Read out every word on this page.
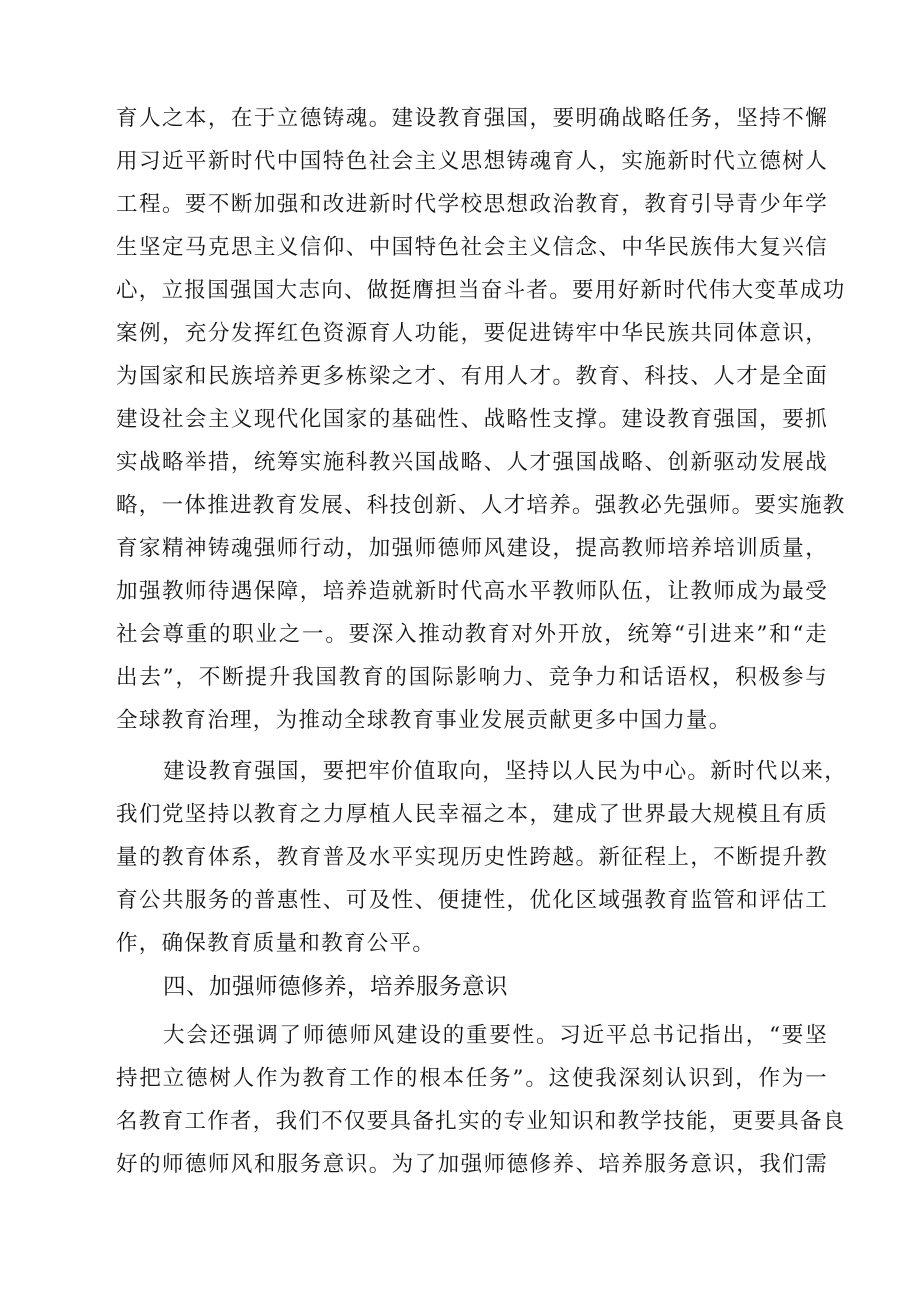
育人之本，在于立德铸魂。建设教育强国，要明确战略任务，坚持不懈
用习近平新时代中国特色社会主义思想铸魂育人，实施新时代立德树人
工程。要不断加强和改进新时代学校思想政治教育，教育引导青少年学
生坚定马克思主义信仰、中国特色社会主义信念、中华民族伟大复兴信
心，立报国强国大志向、做挺膺担当奋斗者。要用好新时代伟大变革成功
案例，充分发挥红色资源育人功能，要促进铸牢中华民族共同体意识，
为国家和民族培养更多栋梁之才、有用人才。教育、科技、人才是全面
建设社会主义现代化国家的基础性、战略性支撑。建设教育强国，要抓
实战略举措，统筹实施科教兴国战略、人才强国战略、创新驱动发展战
略，一体推进教育发展、科技创新、人才培养。强教必先强师。要实施教
育家精神铸魂强师行动，加强师德师风建设，提高教师培养培训质量，
加强教师待遇保障，培养造就新时代高水平教师队伍，让教师成为最受
社会尊重的职业之一。要深入推动教育对外开放，统筹“引进来”和“走
出去”，不断提升我国教育的国际影响力、竞争力和话语权，积极参与
全球教育治理，为推动全球教育事业发展贡献更多中国力量。
建设教育强国，要把牢价值取向，坚持以人民为中心。新时代以来，
我们党坚持以教育之力厚植人民幸福之本，建成了世界最大规模且有质
量的教育体系，教育普及水平实现历史性跨越。新征程上，不断提升教
育公共服务的普惠性、可及性、便捷性，优化区域强教育监管和评估工
作，确保教育质量和教育公平。
四、加强师德修养，培养服务意识
大会还强调了师德师风建设的重要性。习近平总书记指出，“要坚
持把立德树人作为教育工作的根本任务”。这使我深刻认识到，作为一
名教育工作者，我们不仅要具备扎实的专业知识和教学技能，更要具备良
好的师德师风和服务意识。为了加强师德修养、培养服务意识，我们需
